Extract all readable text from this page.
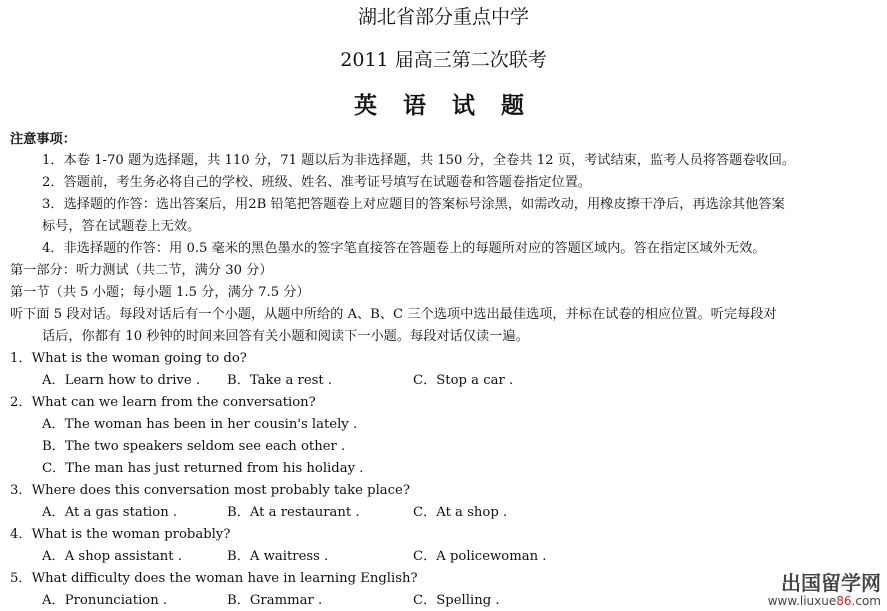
湖北省部分重点中学
2011 届高三第二次联考
英 语 试 题
注意事项：
1．本卷 1-70 题为选择题，共 110 分，71 题以后为非选择题，共 150 分，全卷共 12 页，考试结束，监考人员将答题卷收回。
2．答题前，考生务必将自己的学校、班级、姓名、准考证号填写在试题卷和答题卷指定位置。
3．选择题的作答：选出答案后，用2B 铅笔把答题卷上对应题目的答案标号涂黑，如需改动，用橡皮擦干净后，再选涂其他答案
标号，答在试题卷上无效。
4．非选择题的作答：用 0.5 毫米的黑色墨水的签字笔直接答在答题卷上的每题所对应的答题区域内。答在指定区域外无效。
第一部分：听力测试（共二节，满分 30 分）
第一节（共 5 小题；每小题 1.5 分，满分 7.5 分）
听下面 5 段对话。每段对话后有一个小题，从题中所给的 A、B、C 三个选项中选出最佳选项，并标在试卷的相应位置。听完每段对
话后，你都有 10 秒钟的时间来回答有关小题和阅读下一小题。每段对话仅读一遍。
1．What is the woman going to do?
A．Learn how to drive . B．Take a rest .	C．Stop a car .
2．What can we learn from the conversation?
A．The woman has been in her cousin's lately .
B．The two speakers seldom see each other .
C．The man has just returned from his holiday .
3．Where does this conversation most probably take place?
A．At a gas station .	B．At a restaurant .	C．At a shop .
4．What is the woman probably?
A．A shop assistant .	B．A waitress .	C．A policewoman .
5．What difficulty does the woman have in learning English?
A．Pronunciation .	B．Grammar .	C．Spelling .
出国留学网
www.liuxue86.com
